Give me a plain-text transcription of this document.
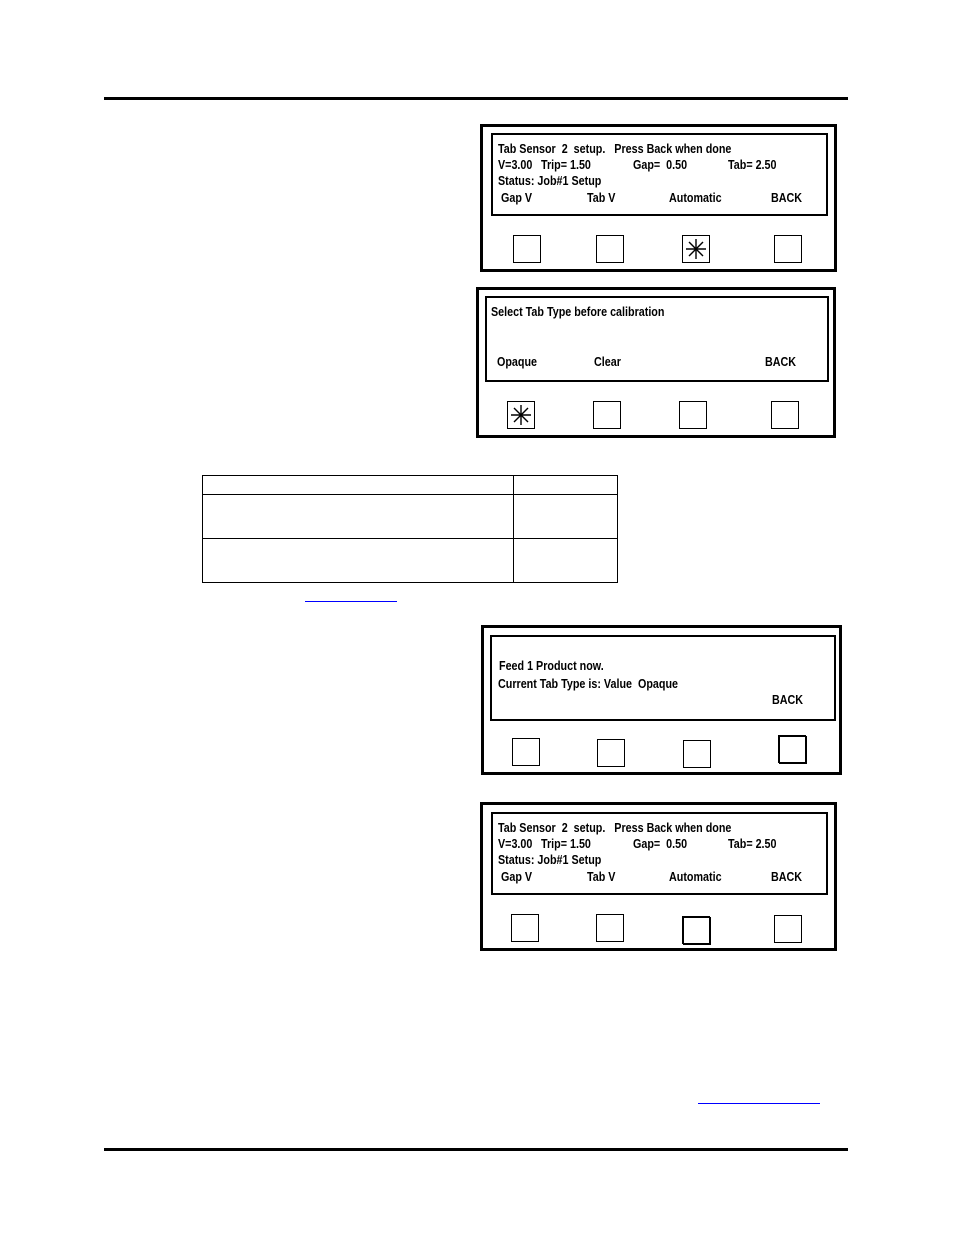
Tab Sensor  2  setup.   Press Back when done
V=3.00 Trip= 1.50	Gap=  0.50	Tab= 2.50
Status: Job#1 Setup
Gap V	Tab V	Automatic	BACK
Select Tab Type before calibration
Opaque	Clear	BACK
Feed 1 Product now.
Current Tab Type is: Value  Opaque
BACK
Tab Sensor  2  setup.   Press Back when done
V=3.00 Trip= 1.50	Gap=  0.50	Tab= 2.50
Status: Job#1 Setup
Gap V	Tab V	Automatic	BACK
